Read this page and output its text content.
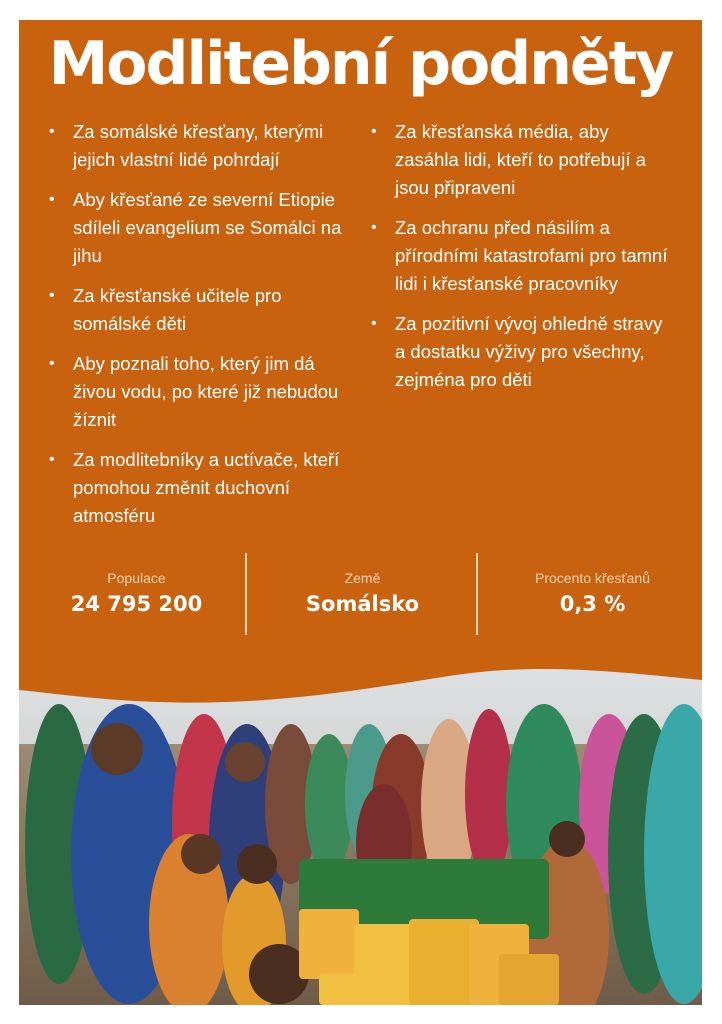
Modlitební podněty
• Za somálské křesťany, kterými jejich vlastní lidé pohrdají
• Aby křesťané ze severní Etiopie sdíleli evangelium se Somálci na jihu
• Za křesťanské učitele pro somálské děti
• Aby poznali toho, který jim dá živou vodu, po které již nebudou žíznit
• Za modlitebníky a uctívače, kteří pomohou změnit duchovní atmosféru
• Za křesťanská média, aby zasáhla lidi, kteří to potřebují a jsou připraveni
• Za ochranu před násilím a přírodními katastrofami pro tamní lidi i křesťanské pracovníky
• Za pozitivní vývoj ohledně stravy a dostatku výživy pro všechny, zejména pro děti
Populace
24 795 200
Země
Somálsko
Procento křesťanů
0,3 %
